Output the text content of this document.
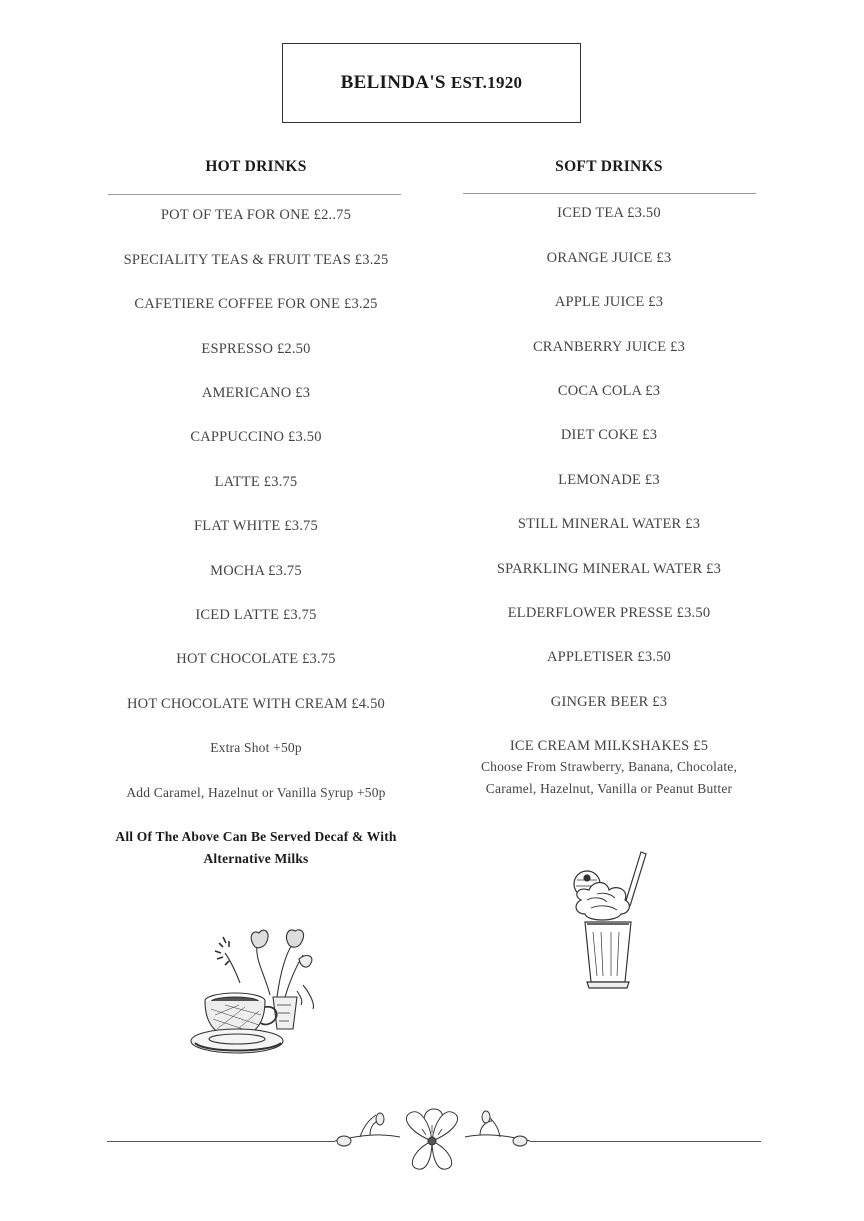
BELINDA'S EST.1920
HOT DRINKS
POT OF TEA FOR ONE £2..75
SPECIALITY TEAS & FRUIT TEAS £3.25
CAFETIERE COFFEE FOR ONE £3.25
ESPRESSO £2.50
AMERICANO £3
CAPPUCCINO £3.50
LATTE £3.75
FLAT WHITE £3.75
MOCHA £3.75
ICED LATTE £3.75
HOT CHOCOLATE £3.75
HOT CHOCOLATE WITH CREAM £4.50
Extra Shot +50p
Add Caramel, Hazelnut or Vanilla Syrup +50p
All Of The Above Can Be Served Decaf & With
Alternative Milks
SOFT DRINKS
ICED TEA £3.50
ORANGE JUICE £3
APPLE JUICE £3
CRANBERRY JUICE £3
COCA COLA £3
DIET COKE £3
LEMONADE £3
STILL MINERAL WATER £3
SPARKLING MINERAL WATER £3
ELDERFLOWER PRESSE £3.50
APPLETISER £3.50
GINGER BEER £3
ICE CREAM MILKSHAKES £5
Choose From Strawberry, Banana, Chocolate,
Caramel, Hazelnut, Vanilla or Peanut Butter
